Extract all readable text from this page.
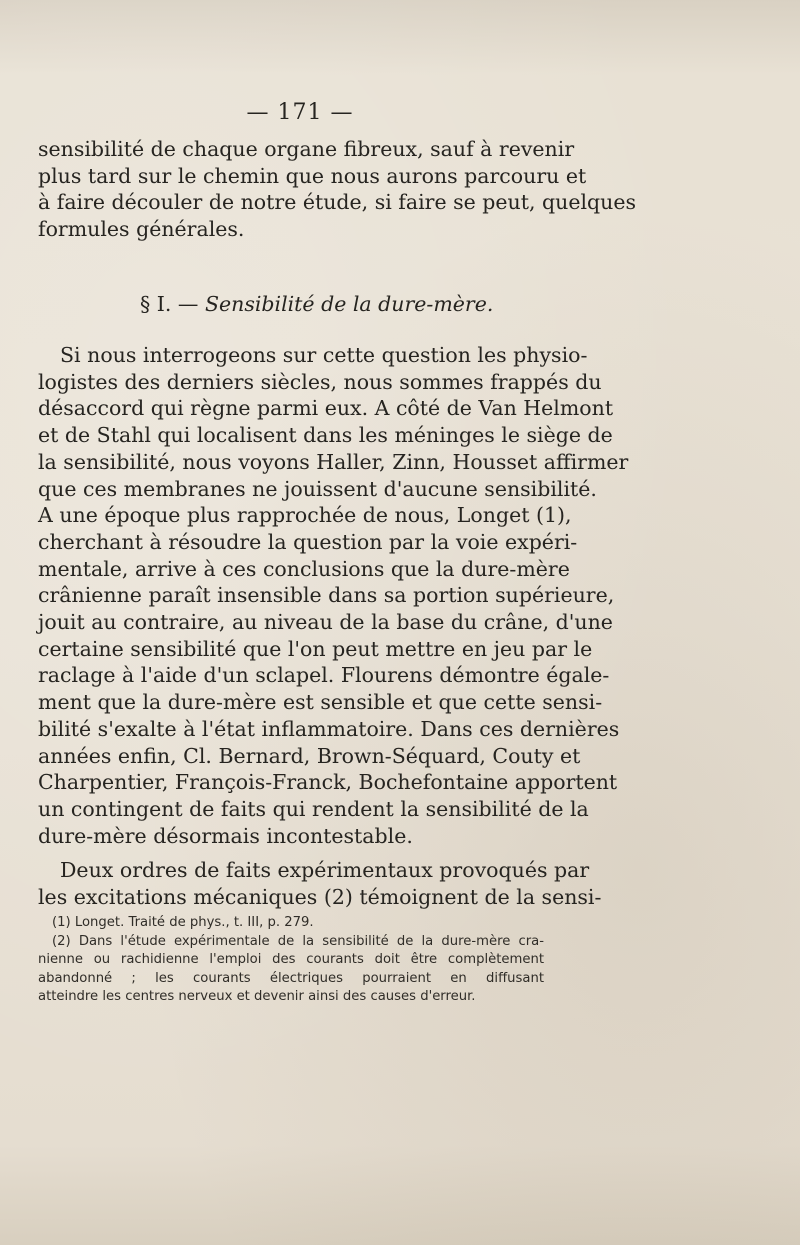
— 171 —
sensibilité de chaque organe fibreux, sauf à revenir
plus tard sur le chemin que nous aurons parcouru et
à faire découler de notre étude, si faire se peut, quelques
formules générales.
§ I. — Sensibilité de la dure-mère.
Si nous interrogeons sur cette question les physio-
logistes des derniers siècles, nous sommes frappés du
désaccord qui règne parmi eux. A côté de Van Helmont
et de Stahl qui localisent dans les méninges le siège de
la sensibilité, nous voyons Haller, Zinn, Housset affirmer
que ces membranes ne jouissent d'aucune sensibilité.
A une époque plus rapprochée de nous, Longet (1),
cherchant à résoudre la question par la voie expéri-
mentale, arrive à ces conclusions que la dure-mère
crânienne paraît insensible dans sa portion supérieure,
jouit au contraire, au niveau de la base du crâne, d'une
certaine sensibilité que l'on peut mettre en jeu par le
raclage à l'aide d'un sclapel. Flourens démontre égale-
ment que la dure-mère est sensible et que cette sensi-
bilité s'exalte à l'état inflammatoire. Dans ces dernières
années enfin, Cl. Bernard, Brown-Séquard, Couty et
Charpentier, François-Franck, Bochefontaine apportent
un contingent de faits qui rendent la sensibilité de la
dure-mère désormais incontestable.
Deux ordres de faits expérimentaux provoqués par
les excitations mécaniques (2) témoignent de la sensi-
(1) Longet. Traité de phys., t. III, p. 279.
(2) Dans l'étude expérimentale de la sensibilité de la dure-mère cra-
nienne ou rachidienne l'emploi des courants doit être complètement
abandonné ; les courants électriques pourraient en diffusant
atteindre les centres nerveux et devenir ainsi des causes d'erreur.
